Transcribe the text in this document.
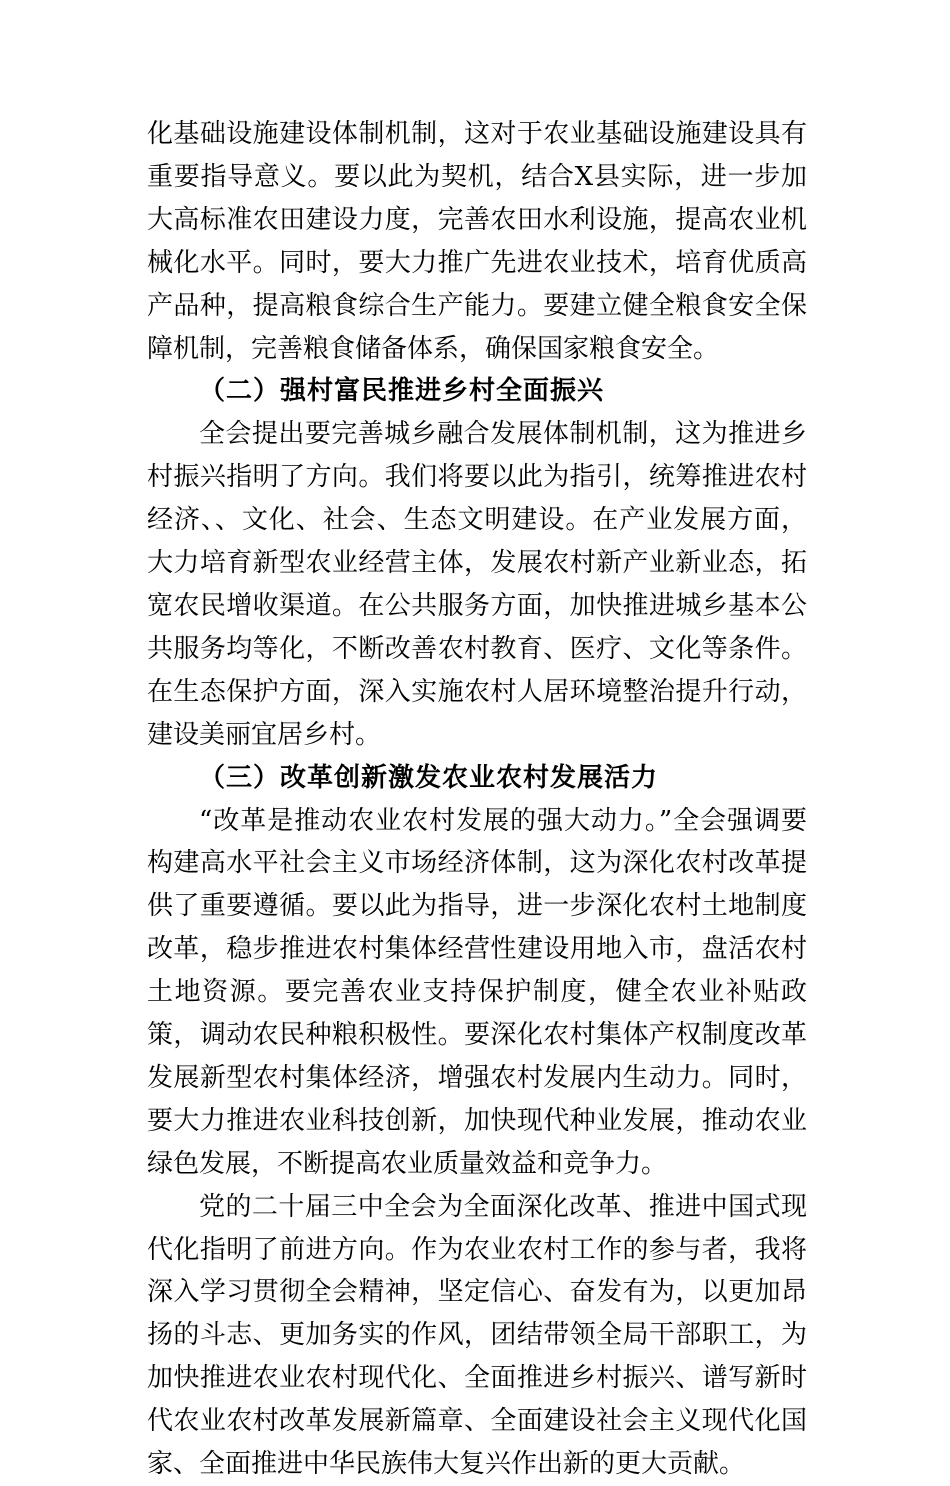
化基础设施建设体制机制，这对于农业基础设施建设具有重要指导意义。要以此为契机，结合X县实际，进一步加大高标准农田建设力度，完善农田水利设施，提高农业机械化水平。同时，要大力推广先进农业技术，培育优质高产品种，提高粮食综合生产能力。要建立健全粮食安全保障机制，完善粮食储备体系，确保国家粮食安全。

（二）强村富民推进乡村全面振兴

全会提出要完善城乡融合发展体制机制，这为推进乡村振兴指明了方向。我们将要以此为指引，统筹推进农村经济、、文化、社会、生态文明建设。在产业发展方面，大力培育新型农业经营主体，发展农村新产业新业态，拓宽农民增收渠道。在公共服务方面，加快推进城乡基本公共服务均等化，不断改善农村教育、医疗、文化等条件。在生态保护方面，深入实施农村人居环境整治提升行动，建设美丽宜居乡村。

（三）改革创新激发农业农村发展活力

“改革是推动农业农村发展的强大动力。”全会强调要构建高水平社会主义市场经济体制，这为深化农村改革提供了重要遵循。要以此为指导，进一步深化农村土地制度改革，稳步推进农村集体经营性建设用地入市，盘活农村土地资源。要完善农业支持保护制度，健全农业补贴政策，调动农民种粮积极性。要深化农村集体产权制度改革发展新型农村集体经济，增强农村发展内生动力。同时，要大力推进农业科技创新，加快现代种业发展，推动农业绿色发展，不断提高农业质量效益和竞争力。

党的二十届三中全会为全面深化改革、推进中国式现代化指明了前进方向。作为农业农村工作的参与者，我将深入学习贯彻全会精神，坚定信心、奋发有为，以更加昂扬的斗志、更加务实的作风，团结带领全局干部职工，为加快推进农业农村现代化、全面推进乡村振兴、谱写新时代农业农村改革发展新篇章、全面建设社会主义现代化国家、全面推进中华民族伟大复兴作出新的更大贡献。
